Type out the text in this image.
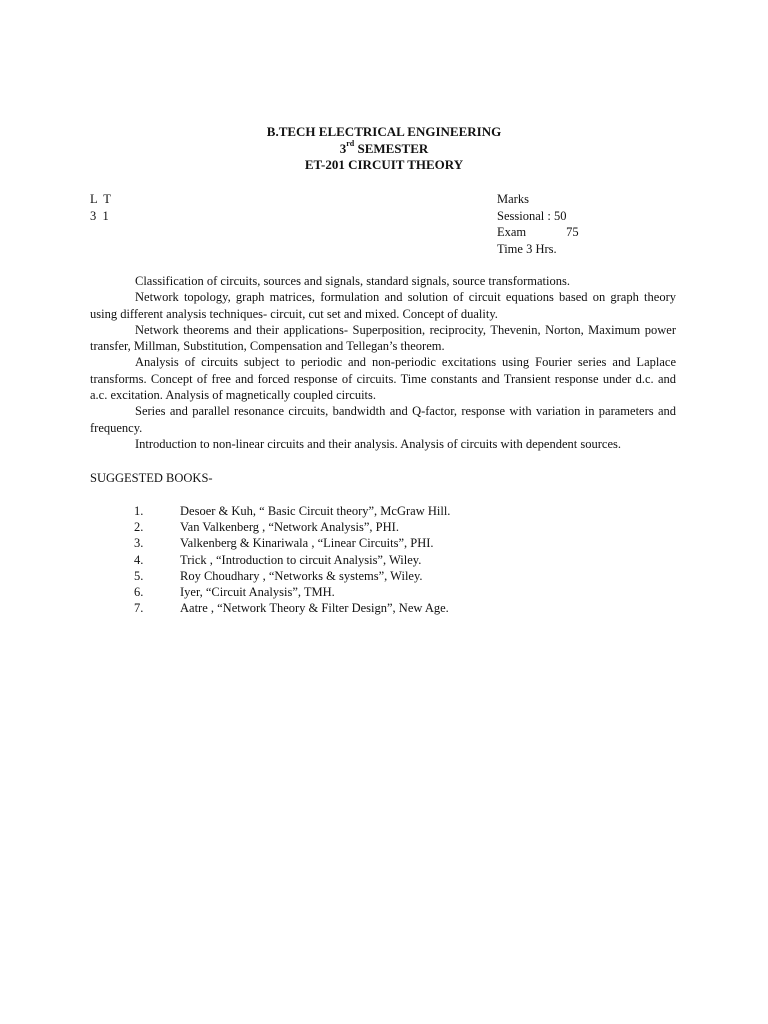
B.TECH ELECTRICAL ENGINEERING
3rd SEMESTER
ET-201 CIRCUIT THEORY
L  T
3  1
Marks
Sessional : 50
Exam	75
Time 3 Hrs.

Classification of circuits, sources and signals, standard signals, source transformations.

Network topology, graph matrices, formulation and solution of circuit equations based on graph theory using different analysis techniques- circuit, cut set and mixed. Concept of duality.

Network theorems and their applications- Superposition, reciprocity, Thevenin, Norton, Maximum power transfer, Millman, Substitution, Compensation and Tellegan’s theorem.

Analysis of circuits subject to periodic and non-periodic excitations using Fourier series and Laplace transforms. Concept of free and forced response of circuits. Time constants and Transient response under d.c. and a.c. excitation. Analysis of magnetically coupled circuits.

Series and parallel resonance circuits, bandwidth and Q-factor, response with variation in parameters and frequency.

Introduction to non-linear circuits and their analysis. Analysis of circuits with dependent sources.

SUGGESTED BOOKS-
1.	Desoer & Kuh, “ Basic Circuit theory”, McGraw Hill.
2.	Van Valkenberg , “Network Analysis”, PHI.
3.	Valkenberg & Kinariwala , “Linear Circuits”, PHI.
4.	Trick , “Introduction to circuit Analysis”, Wiley.
5.	Roy Choudhary , “Networks & systems”, Wiley.
6.	Iyer, “Circuit Analysis”, TMH.
7.	Aatre , “Network Theory & Filter Design”, New Age.
